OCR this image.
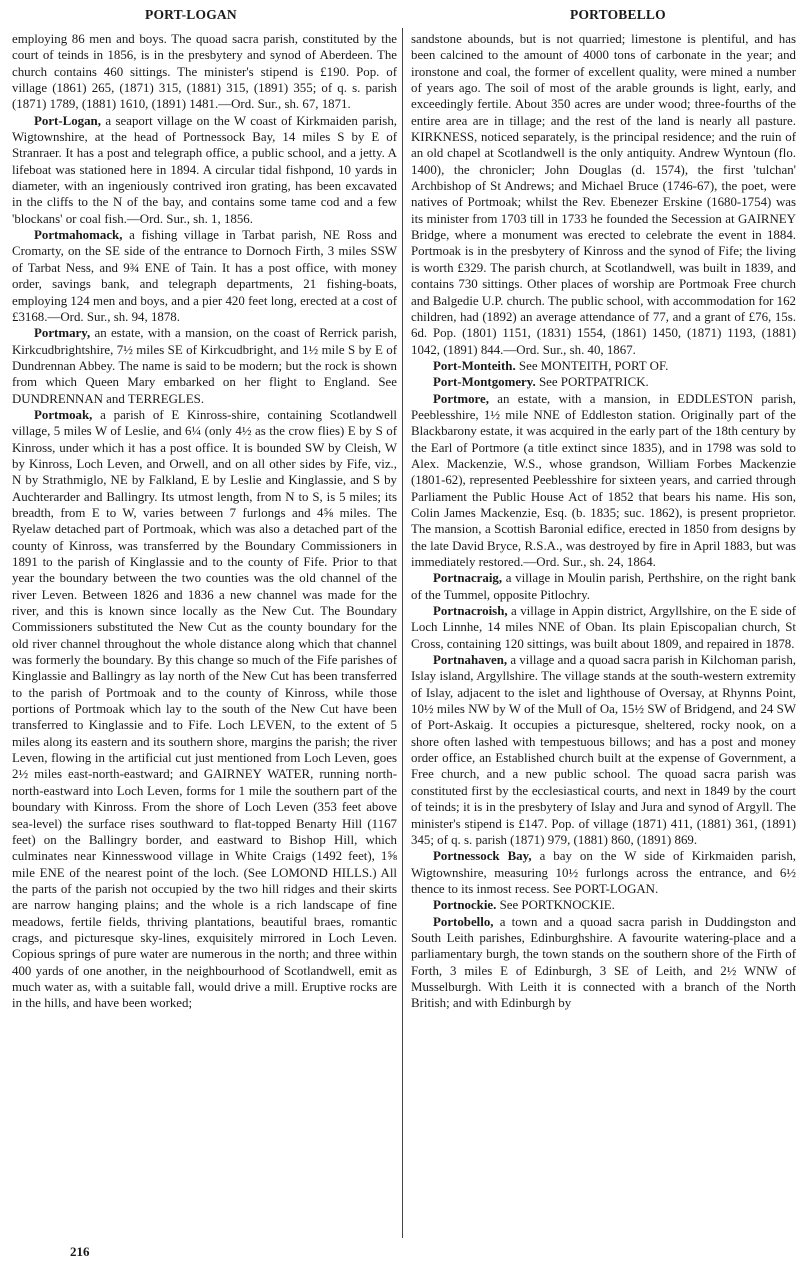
PORT-LOGAN	PORTOBELLO

employing 86 men and boys. The quoad sacra parish, constituted by the court of teinds in 1856, is in the presbytery and synod of Aberdeen. The church contains 460 sittings. The minister's stipend is £190. Pop. of village (1861) 265, (1871) 315, (1881) 315, (1891) 355; of q. s. parish (1871) 1789, (1881) 1610, (1891) 1481.—Ord. Sur., sh. 67, 1871.

Port-Logan, a seaport village on the W coast of Kirkmaiden parish, Wigtownshire, at the head of Portnessock Bay, 14 miles S by E of Stranraer. It has a post and telegraph office, a public school, and a jetty. A lifeboat was stationed here in 1894. A circular tidal fishpond, 10 yards in diameter, with an ingeniously contrived iron grating, has been excavated in the cliffs to the N of the bay, and contains some tame cod and a few 'blockans' or coal fish.—Ord. Sur., sh. 1, 1856.

Portmahomack, a fishing village in Tarbat parish, NE Ross and Cromarty, on the SE side of the entrance to Dornoch Firth, 3 miles SSW of Tarbat Ness, and 9¾ ENE of Tain. It has a post office, with money order, savings bank, and telegraph departments, 21 fishing-boats, employing 124 men and boys, and a pier 420 feet long, erected at a cost of £3168.—Ord. Sur., sh. 94, 1878.

Portmary, an estate, with a mansion, on the coast of Rerrick parish, Kirkcudbrightshire, 7½ miles SE of Kirkcudbright, and 1½ mile S by E of Dundrennan Abbey. The name is said to be modern; but the rock is shown from which Queen Mary embarked on her flight to England. See DUNDRENNAN and TERREGLES.

Portmoak, a parish of E Kinross-shire, containing Scotlandwell village, 5 miles W of Leslie, and 6¼ (only 4½ as the crow flies) E by S of Kinross, under which it has a post office. It is bounded SW by Cleish, W by Kinross, Loch Leven, and Orwell, and on all other sides by Fife, viz., N by Strathmiglo, NE by Falkland, E by Leslie and Kinglassie, and S by Auchterarder and Ballingry. Its utmost length, from N to S, is 5 miles; its breadth, from E to W, varies between 7 furlongs and 4⅝ miles. The Ryelaw detached part of Portmoak, which was also a detached part of the county of Kinross, was transferred by the Boundary Commissioners in 1891 to the parish of Kinglassie and to the county of Fife. Prior to that year the boundary between the two counties was the old channel of the river Leven. Between 1826 and 1836 a new channel was made for the river, and this is known since locally as the New Cut. The Boundary Commissioners substituted the New Cut as the county boundary for the old river channel throughout the whole distance along which that channel was formerly the boundary. By this change so much of the Fife parishes of Kinglassie and Ballingry as lay north of the New Cut has been transferred to the parish of Portmoak and to the county of Kinross, while those portions of Portmoak which lay to the south of the New Cut have been transferred to Kinglassie and to Fife. Loch LEVEN, to the extent of 5 miles along its eastern and its southern shore, margins the parish; the river Leven, flowing in the artificial cut just mentioned from Loch Leven, goes 2½ miles east-north-eastward; and GAIRNEY WATER, running north-north-eastward into Loch Leven, forms for 1 mile the southern part of the boundary with Kinross. From the shore of Loch Leven (353 feet above sea-level) the surface rises southward to flat-topped Benarty Hill (1167 feet) on the Ballingry border, and eastward to Bishop Hill, which culminates near Kinnesswood village in White Craigs (1492 feet), 1⅝ mile ENE of the nearest point of the loch. (See LOMOND HILLS.) All the parts of the parish not occupied by the two hill ridges and their skirts are narrow hanging plains; and the whole is a rich landscape of fine meadows, fertile fields, thriving plantations, beautiful braes, romantic crags, and picturesque sky-lines, exquisitely mirrored in Loch Leven. Copious springs of pure water are numerous in the north; and three within 400 yards of one another, in the neighbourhood of Scotlandwell, emit as much water as, with a suitable fall, would drive a mill. Eruptive rocks are in the hills, and have been worked;

sandstone abounds, but is not quarried; limestone is plentiful, and has been calcined to the amount of 4000 tons of carbonate in the year; and ironstone and coal, the former of excellent quality, were mined a number of years ago. The soil of most of the arable grounds is light, early, and exceedingly fertile. About 350 acres are under wood; three-fourths of the entire area are in tillage; and the rest of the land is nearly all pasture. KIRKNESS, noticed separately, is the principal residence; and the ruin of an old chapel at Scotlandwell is the only antiquity. Andrew Wyntoun (flo. 1400), the chronicler; John Douglas (d. 1574), the first 'tulchan' Archbishop of St Andrews; and Michael Bruce (1746-67), the poet, were natives of Portmoak; whilst the Rev. Ebenezer Erskine (1680-1754) was its minister from 1703 till in 1733 he founded the Secession at GAIRNEY Bridge, where a monument was erected to celebrate the event in 1884. Portmoak is in the presbytery of Kinross and the synod of Fife; the living is worth £329. The parish church, at Scotlandwell, was built in 1839, and contains 730 sittings. Other places of worship are Portmoak Free church and Balgedie U.P. church. The public school, with accommodation for 162 children, had (1892) an average attendance of 77, and a grant of £76, 15s. 6d. Pop. (1801) 1151, (1831) 1554, (1861) 1450, (1871) 1193, (1881) 1042, (1891) 844.—Ord. Sur., sh. 40, 1867.

Port-Monteith. See MONTEITH, PORT OF.

Port-Montgomery. See PORTPATRICK.

Portmore, an estate, with a mansion, in EDDLESTON parish, Peeblesshire, 1½ mile NNE of Eddleston station. Originally part of the Blackbarony estate, it was acquired in the early part of the 18th century by the Earl of Portmore (a title extinct since 1835), and in 1798 was sold to Alex. Mackenzie, W.S., whose grandson, William Forbes Mackenzie (1801-62), represented Peeblesshire for sixteen years, and carried through Parliament the Public House Act of 1852 that bears his name. His son, Colin James Mackenzie, Esq. (b. 1835; suc. 1862), is present proprietor. The mansion, a Scottish Baronial edifice, erected in 1850 from designs by the late David Bryce, R.S.A., was destroyed by fire in April 1883, but was immediately restored.—Ord. Sur., sh. 24, 1864.

Portnacraig, a village in Moulin parish, Perthshire, on the right bank of the Tummel, opposite Pitlochry.

Portnacroish, a village in Appin district, Argyllshire, on the E side of Loch Linnhe, 14 miles NNE of Oban. Its plain Episcopalian church, St Cross, containing 120 sittings, was built about 1809, and repaired in 1878.

Portnahaven, a village and a quoad sacra parish in Kilchoman parish, Islay island, Argyllshire. The village stands at the south-western extremity of Islay, adjacent to the islet and lighthouse of Oversay, at Rhynns Point, 10½ miles NW by W of the Mull of Oa, 15½ SW of Bridgend, and 24 SW of Port-Askaig. It occupies a picturesque, sheltered, rocky nook, on a shore often lashed with tempestuous billows; and has a post and money order office, an Established church built at the expense of Government, a Free church, and a new public school. The quoad sacra parish was constituted first by the ecclesiastical courts, and next in 1849 by the court of teinds; it is in the presbytery of Islay and Jura and synod of Argyll. The minister's stipend is £147. Pop. of village (1871) 411, (1881) 361, (1891) 345; of q. s. parish (1871) 979, (1881) 860, (1891) 869.

Portnessock Bay, a bay on the W side of Kirkmaiden parish, Wigtownshire, measuring 10½ furlongs across the entrance, and 6½ thence to its inmost recess. See PORT-LOGAN.

Portnockie. See PORTKNOCKIE.

Portobello, a town and a quoad sacra parish in Duddingston and South Leith parishes, Edinburghshire. A favourite watering-place and a parliamentary burgh, the town stands on the southern shore of the Firth of Forth, 3 miles E of Edinburgh, 3 SE of Leith, and 2½ WNW of Musselburgh. With Leith it is connected with a branch of the North British; and with Edinburgh by

216
